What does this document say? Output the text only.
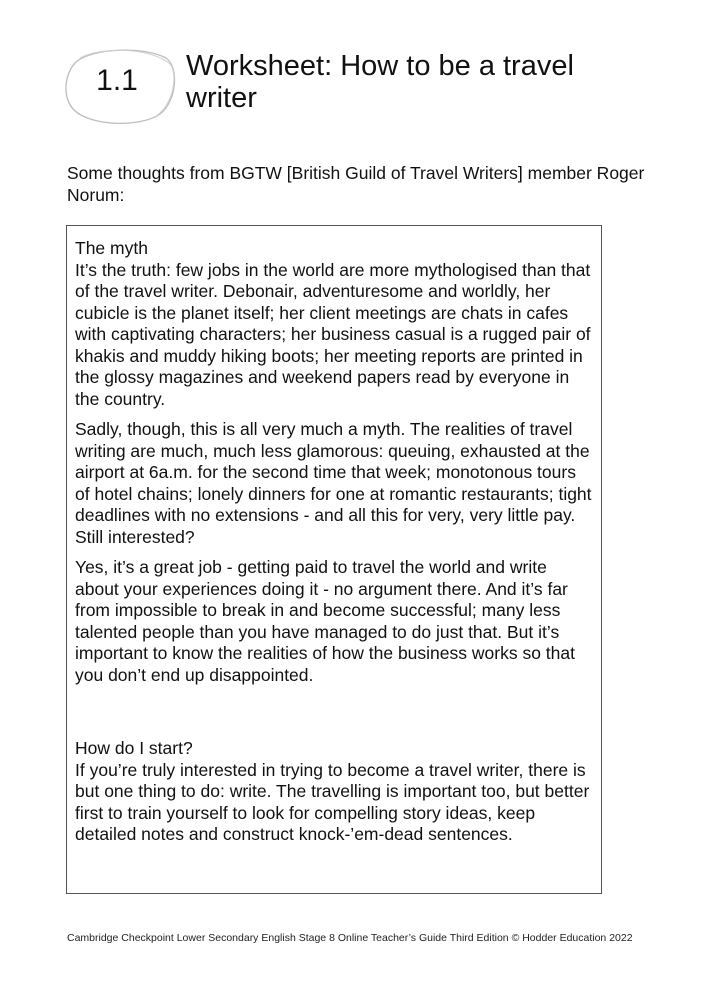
1.1	Worksheet: How to be a travel writer
Some thoughts from BGTW [British Guild of Travel Writers] member Roger Norum:

The myth

It’s the truth: few jobs in the world are more mythologised than that of the travel writer. Debonair, adventuresome and worldly, her cubicle is the planet itself; her client meetings are chats in cafes with captivating characters; her business casual is a rugged pair of khakis and muddy hiking boots; her meeting reports are printed in the glossy magazines and weekend papers read by everyone in the country.

Sadly, though, this is all very much a myth. The realities of travel writing are much, much less glamorous: queuing, exhausted at the airport at 6a.m. for the second time that week; monotonous tours of hotel chains; lonely dinners for one at romantic restaurants; tight deadlines with no extensions - and all this for very, very little pay. Still interested?

Yes, it’s a great job - getting paid to travel the world and write about your experiences doing it - no argument there. And it’s far from impossible to break in and become successful; many less talented people than you have managed to do just that. But it’s important to know the realities of how the business works so that you don’t end up disappointed.

How do I start?

If you’re truly interested in trying to become a travel writer, there is but one thing to do: write. The travelling is important too, but better first to train yourself to look for compelling story ideas, keep detailed notes and construct knock-’em-dead sentences.

Cambridge Checkpoint Lower Secondary English Stage 8 Online Teacher’s Guide Third Edition © Hodder Education 2022
